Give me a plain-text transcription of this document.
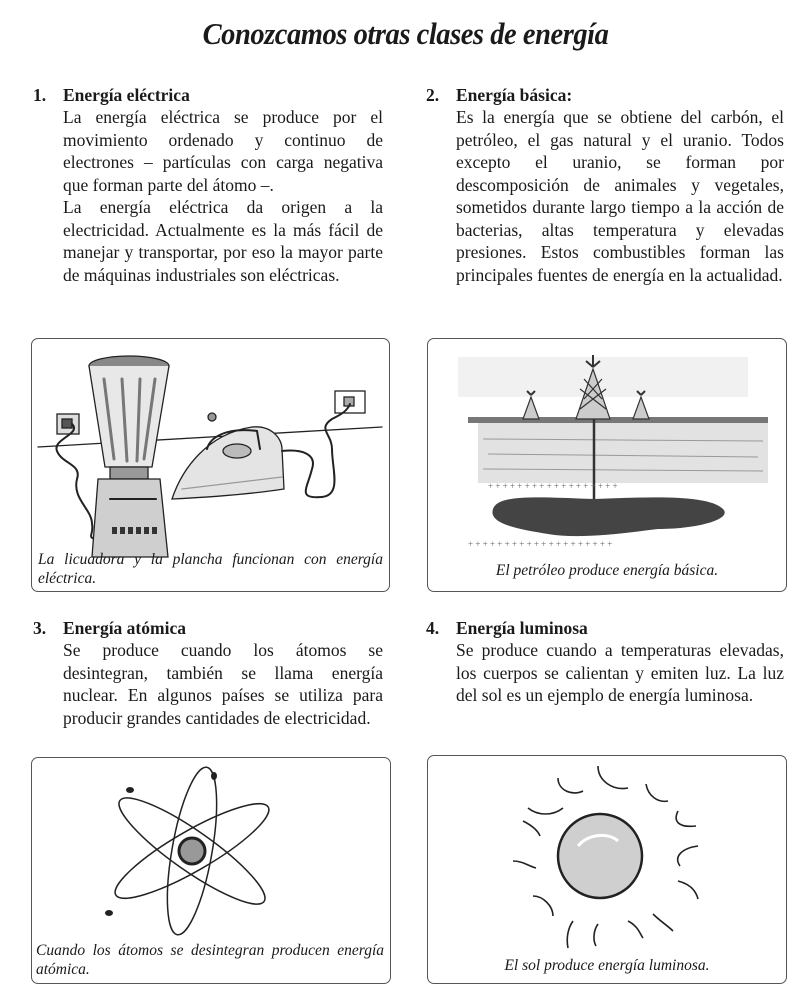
Conozcamos otras clases de energía
1. Energía eléctrica

La energía eléctrica se produce por el movimiento ordenado y continuo de electrones – partículas con carga negativa que forman parte del átomo –.

La energía eléctrica da origen a la electricidad. Actualmente es la más fácil de manejar y transportar, por eso la mayor parte de máquinas industriales son eléctricas.

2. Energía básica:

Es la energía que se obtiene del carbón, el petróleo, el gas natural y el uranio. Todos excepto el uranio, se forman por descomposición de animales y vegetales, sometidos durante largo tiempo a la acción de bacterias, altas temperatura y elevadas presiones. Estos combustibles forman las principales fuentes de energía en la actualidad.

La licuadora y la plancha funcionan con energía eléctrica.
+ + + + + + + + + + + + + + + + + +
+ + + + + + + + + + + + + + + + + + + +
El petróleo produce energía básica.
3. Energía atómica

Se produce cuando los átomos se desintegran, también se llama energía nuclear. En algunos países se utiliza para producir grandes cantidades de electricidad.

4. Energía luminosa

Se produce cuando a temperaturas elevadas, los cuerpos se calientan y emiten luz. La luz del sol es un ejemplo de energía luminosa.

Cuando los átomos se desintegran producen energía atómica.	El sol produce energía luminosa.
